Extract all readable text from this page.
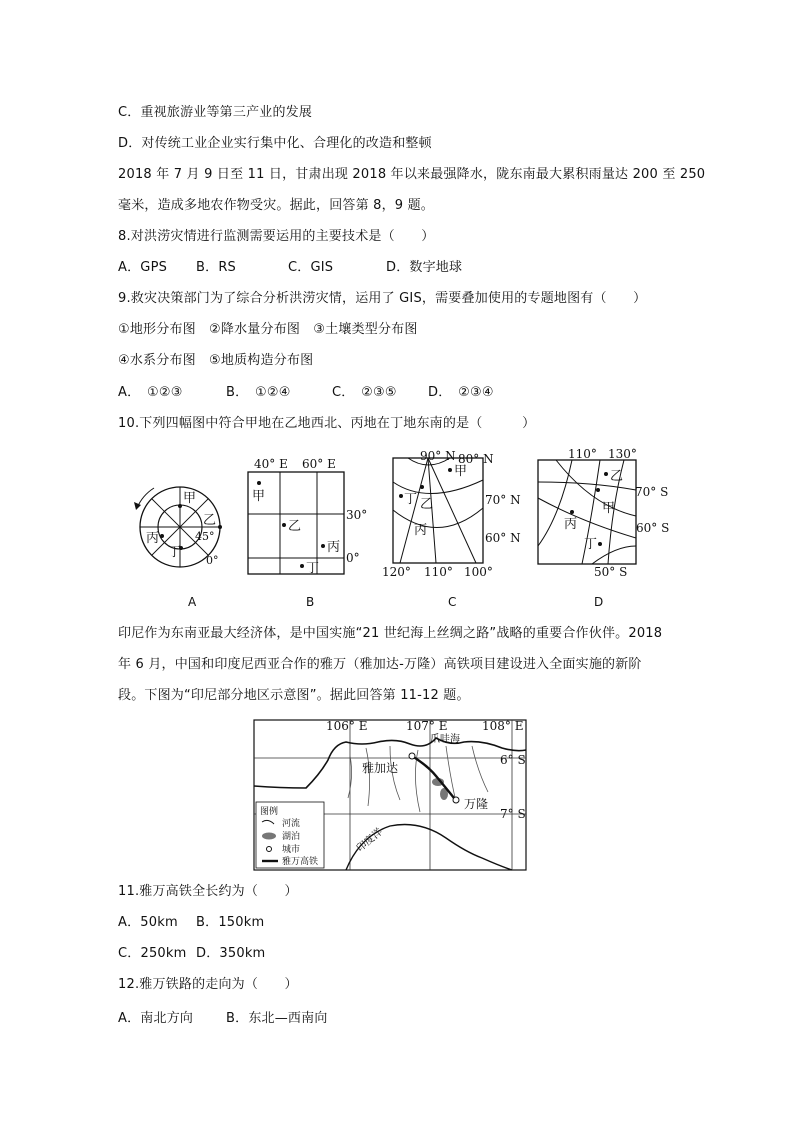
C．重视旅游业等第三产业的发展
D．对传统工业企业实行集中化、合理化的改造和整顿
2018 年 7 月 9 日至 11 日，甘肃出现 2018 年以来最强降水，陇东南最大累积雨量达 200 至 250
毫米，造成多地农作物受灾。据此，回答第 8，9 题。
8.对洪涝灾情进行监测需要运用的主要技术是（　　）
A．GPS B．RS	C．GIS	D．数字地球
9.救灾决策部门为了综合分析洪涝灾情，运用了 GIS，需要叠加使用的专题地图有（　　）
①地形分布图　②降水量分布图　③土壤类型分布图
④水系分布图　⑤地质构造分布图
A．　①②③	B．　①②④	C．　②③⑤ D．　②③④
10.下列四幅图中符合甲地在乙地西北、丙地在丁地东南的是（　　　）
甲
乙
丙
丁
45°
0°
A
40° E 60° E
30°
0°
甲
乙
丙
丁
B
90° N 80° N
70° N
60° N
120° 110° 100°
甲
丁 乙
丙
C
110° 130°
70° S
60° S
50° S
乙
甲
丙
丁
D
印尼作为东南亚最大经济体，是中国实施“21 世纪海上丝绸之路”战略的重要合作伙伴。2018
年 6 月，中国和印度尼西亚合作的雅万（雅加达-万隆）高铁项目建设进入全面实施的新阶
段。下图为“印尼部分地区示意图”。据此回答第 11-12 题。
106° E	107° E	108° E
6° S
7° S
爪哇海
雅加达
万隆
印度洋
图例
河流
湖泊
城市
雅万高铁
11.雅万高铁全长约为（　　）
A．50km B．150km
C．250km D．350km
12.雅万铁路的走向为（　　）
A．南北方向	B．东北—西南向
